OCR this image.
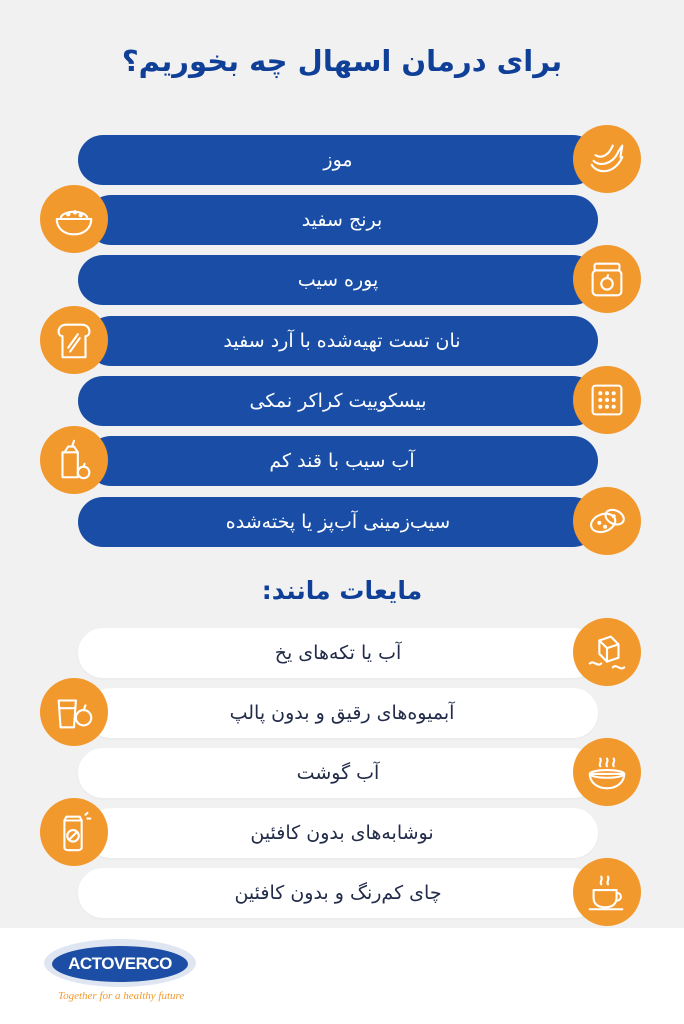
برای درمان اسهال چه بخوریم؟
موز
برنج سفید
پوره سیب
نان تست تهیه‌شده با آرد سفید
بیسکوییت کراکر نمکی
آب سیب با قند کم
سیب‌زمینی آب‌پز یا پخته‌شده
مایعات مانند:
آب یا تکه‌های یخ
آبمیوه‌های رقیق و بدون پالپ
آب گوشت
نوشابه‌های بدون کافئین
چای کم‌رنگ و بدون کافئین
ACTOVERCO
Together for a healthy future
